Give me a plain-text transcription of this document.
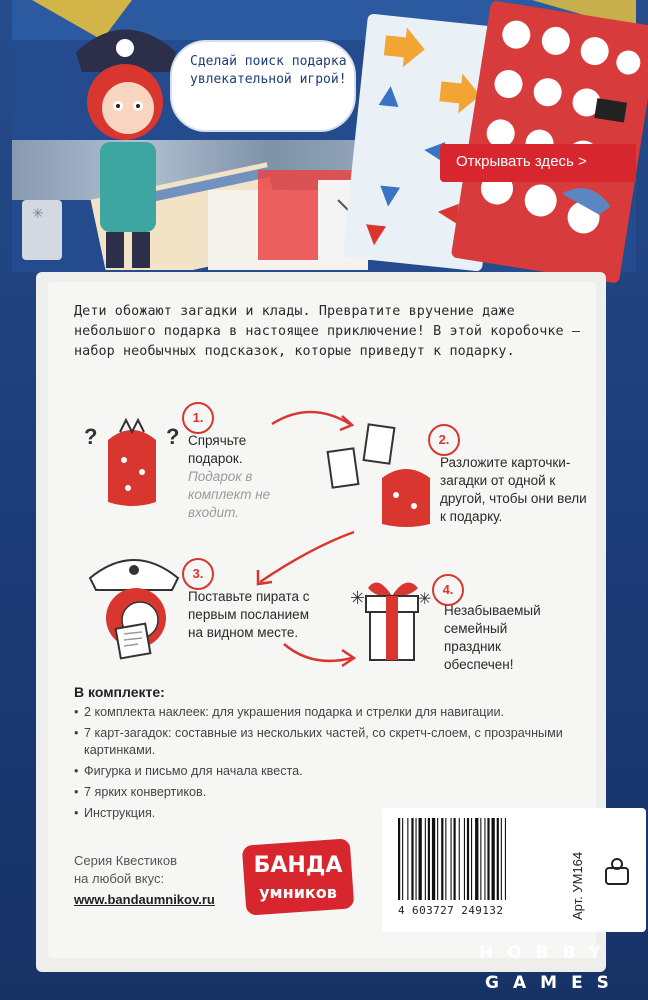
✳
Сделай поиск подарка увлекательной игрой!
Открывать здесь >
Дети обожают загадки и клады. Превратите вручение даже небольшого подарка в настоящее приключение! В этой коробочке — набор необычных подсказок, которые приведут к подарку.
?	?
1.
Спрячьте подарок.
Подарок в комплект не входит.
2.
Разложите карточки-загадки от одной к другой, чтобы они вели к подарку.
3.
Поставьте пирата с первым посланием на видном месте.
✳	✳
4.
Незабываемый семейный праздник обеспечен!
В комплекте:
• 2 комплекта наклеек: для украшения подарка и стрелки для навигации.
• 7 карт-загадок: составные из нескольких частей, со скретч-слоем, с прозрачными картинками.
• Фигурка и письмо для начала квеста.
• 7 ярких конвертиков.
• Инструкция.
Серия Квестиков
на любой вкус:
www.bandaumnikov.ru
БАНДА
умников
4 603727 249132	Арт. УМ164
HOBBY
GAMES
